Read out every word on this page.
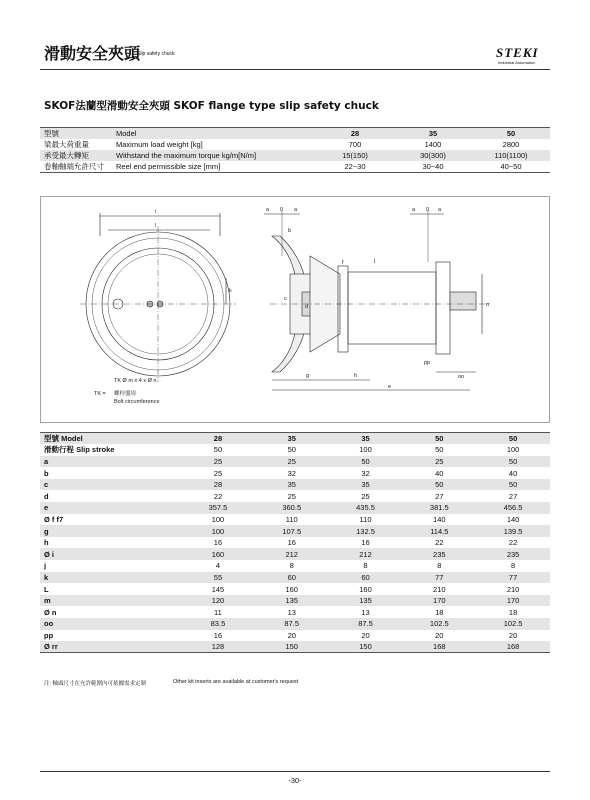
滑動安全夾頭
Slip safety chuck	STEKI
Industrial Automation
SKOF法蘭型滑動安全夾頭 SKOF flange type slip safety chuck
型號	Model	28	35	50
梁最大荷重量	Maximum load weight [kg]	700	1400	2800
承受最大轉矩	Withstand the maximum torque kg/m[N/m]	15(150)	30(300)	110(1100)
卷軸軸端允許尺寸	Reel end permissible size [mm]	22~30	30~40	40~50
i
l
k
a 0 a	a 0 a
b
c
d
g	h
e
j
f
rr
pp
oo
TK Ø m x 4 x Ø n
TK = 螺栓盪周
Bolt circumference
型號 Model	28	35	35	50	50
滑動行程 Slip stroke	50	50	100	50	100
a	25	25	50	25	50
b	25	32	32	40	40
c	28	35	35	50	50
d	22	25	25	27	27
e	357.5	360.5	435.5	381.5	456.5
Ø f f7	100	110	110	140	140
g	100	107.5	132.5	114.5	139.5
h	16	16	16	22	22
Ø i	160	212	212	235	235
j	4	8	8	8	8
k	55	60	60	77	77
L	145	160	160	210	210
m	120	135	135	170	170
Ø n	11	13	13	18	18
oo	83.5	87.5	87.5	102.5	102.5
pp	16	20	20	20	20
Ø rr	128	150	150	168	168
注: 軸頭尺寸在允許範圍內可依據需求定制	Other kit inserts are available at customer's request
-30-
